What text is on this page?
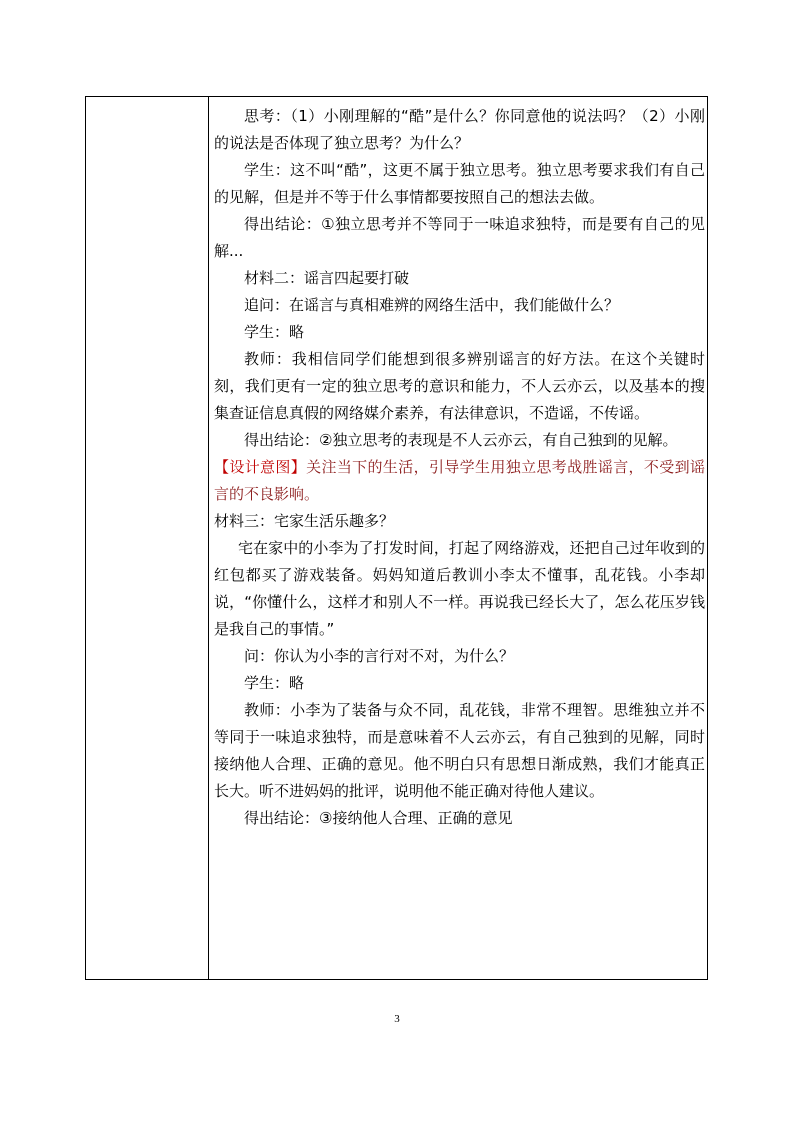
思考：（1）小刚理解的“酷”是什么？你同意他的说法吗？（2）小刚的说法是否体现了独立思考？为什么？

学生：这不叫“酷”，这更不属于独立思考。独立思考要求我们有自己的见解，但是并不等于什么事情都要按照自己的想法去做。

得出结论：①独立思考并不等同于一味追求独特，而是要有自己的见解...

材料二：谣言四起要打破

追问：在谣言与真相难辨的网络生活中，我们能做什么？

学生：略

教师：我相信同学们能想到很多辨别谣言的好方法。在这个关键时刻，我们更有一定的独立思考的意识和能力，不人云亦云，以及基本的搜集查证信息真假的网络媒介素养，有法律意识，不造谣，不传谣。

得出结论：②独立思考的表现是不人云亦云，有自己独到的见解。

【设计意图】关注当下的生活，引导学生用独立思考战胜谣言，不受到谣言的不良影响。

材料三：宅家生活乐趣多？

宅在家中的小李为了打发时间，打起了网络游戏，还把自己过年收到的红包都买了游戏装备。妈妈知道后教训小李太不懂事，乱花钱。小李却说，“你懂什么，这样才和别人不一样。再说我已经长大了，怎么花压岁钱是我自己的事情。”

问：你认为小李的言行对不对，为什么？

学生：略

教师：小李为了装备与众不同，乱花钱，非常不理智。思维独立并不等同于一味追求独特，而是意味着不人云亦云，有自己独到的见解，同时接纳他人合理、正确的意见。他不明白只有思想日渐成熟，我们才能真正长大。听不进妈妈的批评，说明他不能正确对待他人建议。

得出结论：③接纳他人合理、正确的意见

3
